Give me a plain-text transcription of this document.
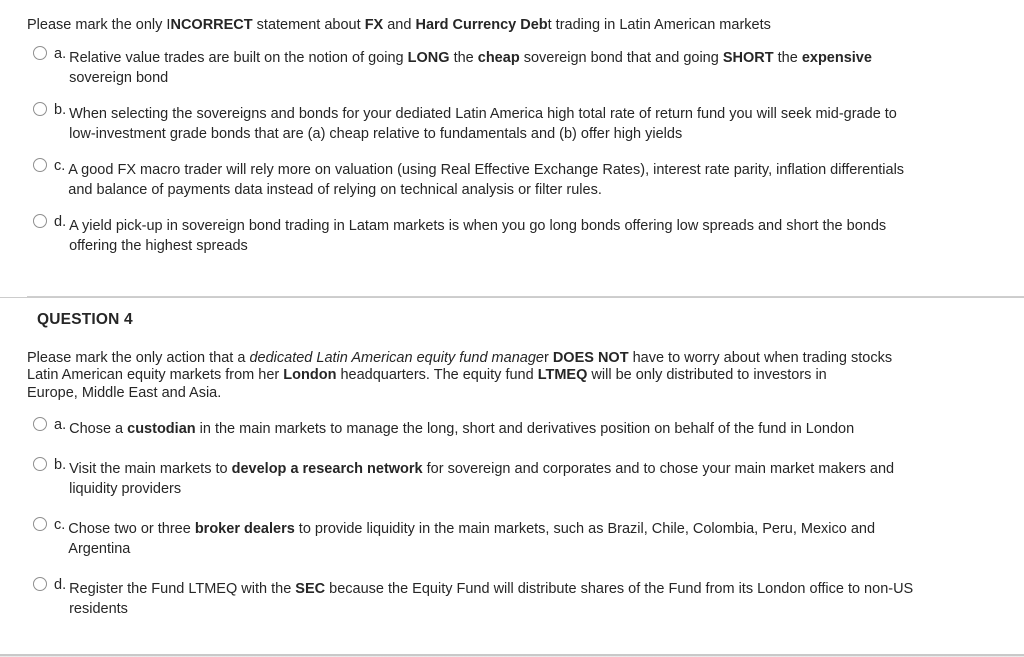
Please mark the only INCORRECT statement about FX and Hard Currency Debt trading in Latin American markets

a. Relative value trades are built on the notion of going LONG the cheap sovereign bond that and going SHORT the expensive
sovereign bond
b. When selecting the sovereigns and bonds for your dediated Latin America high total rate of return fund you will seek mid-grade to
low-investment grade bonds that are (a) cheap relative to fundamentals and (b) offer high yields
c. A good FX macro trader will rely more on valuation (using Real Effective Exchange Rates), interest rate parity, inflation differentials
and balance of payments data instead of relying on technical analysis or filter rules.
d. A yield pick-up in sovereign bond trading in Latam markets is when you go long bonds offering low spreads and short the bonds
offering the highest spreads
QUESTION 4

Please mark the only action that a dedicated Latin American equity fund manager DOES NOT have to worry about when trading stocks
Latin American equity markets from her London headquarters. The equity fund LTMEQ will be only distributed to investors in
Europe, Middle East and Asia.

a. Chose a custodian in the main markets to manage the long, short and derivatives position on behalf of the fund in London
b. Visit the main markets to develop a research network for sovereign and corporates and to chose your main market makers and
liquidity providers
c. Chose two or three broker dealers to provide liquidity in the main markets, such as Brazil, Chile, Colombia, Peru, Mexico and
Argentina
d. Register the Fund LTMEQ with the SEC because the Equity Fund will distribute shares of the Fund from its London office to non-US
residents
